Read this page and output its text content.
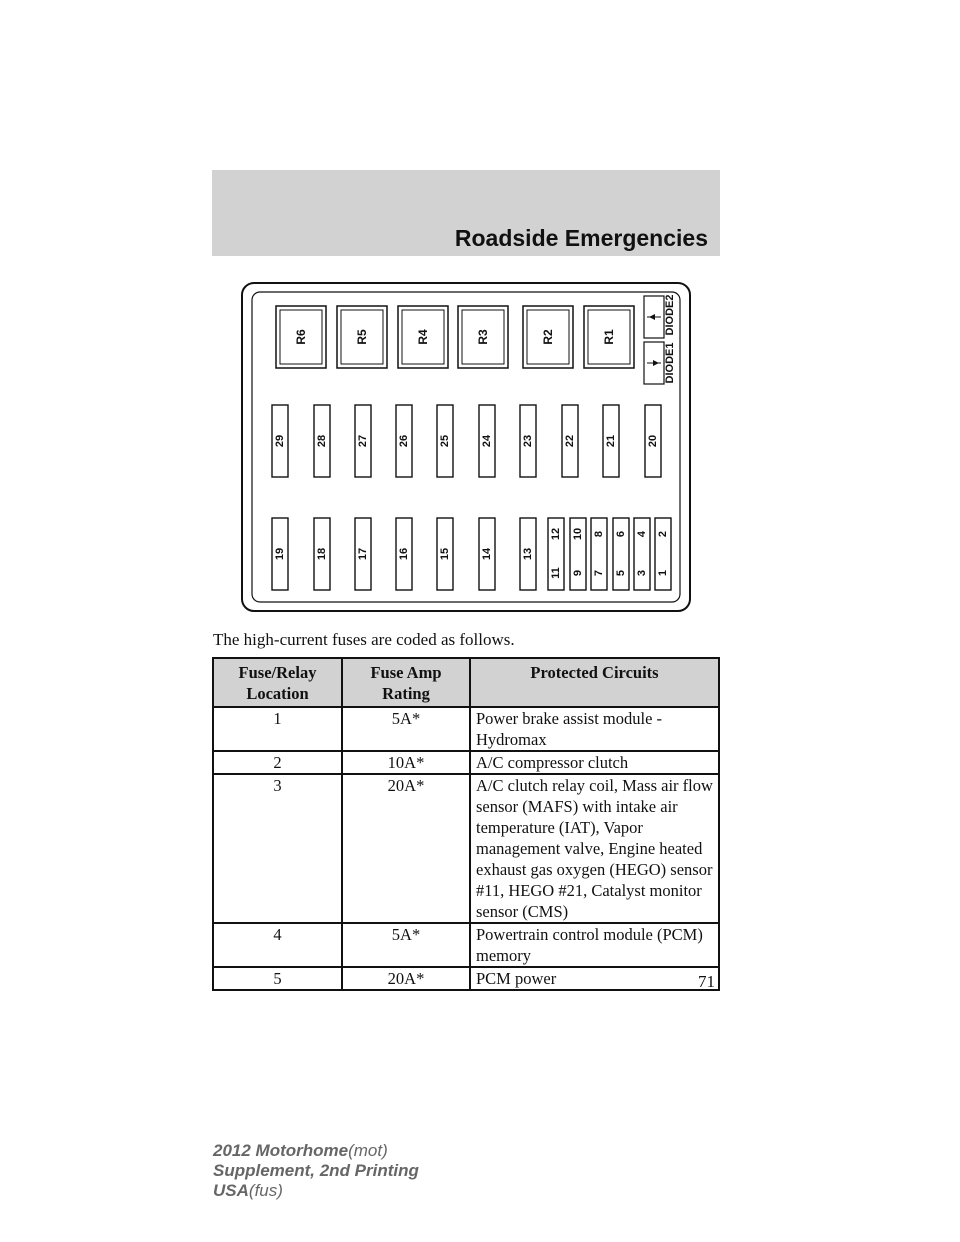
Roadside Emergencies
R6	R5	R4	R3	R2	R1
DIODE1
DIODE2
29	28	27	26	25	24	23	22	21	20
19	18	17	16	15	14	13
12
11
10
9
8
7
6
5
4
3
2
1
The high-current fuses are coded as follows.
Fuse/Relay Location	Fuse Amp Rating	Protected Circuits
1	5A*	Power brake assist module - Hydromax
2	10A*	A/C compressor clutch
3	20A*	A/C clutch relay coil, Mass air flow sensor (MAFS) with intake air temperature (IAT), Vapor management valve, Engine heated exhaust gas oxygen (HEGO) sensor #11, HEGO #21, Catalyst monitor sensor (CMS)
4	5A*	Powertrain control module (PCM) memory
5	20A*	PCM power	71
2012 Motorhome(mot)
Supplement, 2nd Printing
USA(fus)
